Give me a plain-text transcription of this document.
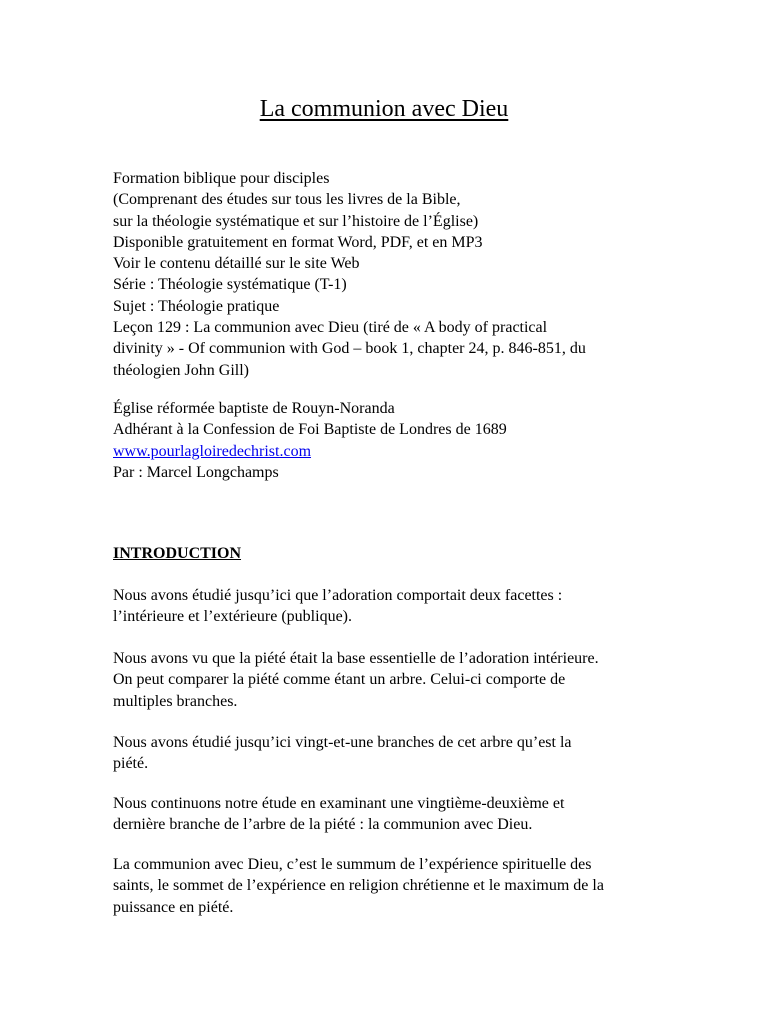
La communion avec Dieu
Formation biblique pour disciples
(Comprenant des études sur tous les livres de la Bible,
sur la théologie systématique et sur l’histoire de l’Église)
Disponible gratuitement en format Word, PDF, et en MP3
Voir le contenu détaillé sur le site Web
Série : Théologie systématique (T-1)
Sujet : Théologie pratique
Leçon 129 : La communion avec Dieu (tiré de « A body of practical
divinity » - Of communion with God – book 1, chapter 24, p. 846-851, du
théologien John Gill)
Église réformée baptiste de Rouyn-Noranda
Adhérant à la Confession de Foi Baptiste de Londres de 1689
www.pourlagloiredechrist.com
Par : Marcel Longchamps
INTRODUCTION
Nous avons étudié jusqu’ici que l’adoration comportait deux facettes :
l’intérieure et l’extérieure (publique).
Nous avons vu que la piété était la base essentielle de l’adoration intérieure.
On peut comparer la piété comme étant un arbre. Celui-ci comporte de
multiples branches.
Nous avons étudié jusqu’ici vingt-et-une branches de cet arbre qu’est la
piété.
Nous continuons notre étude en examinant une vingtième-deuxième et
dernière branche de l’arbre de la piété : la communion avec Dieu.
La communion avec Dieu, c’est le summum de l’expérience spirituelle des
saints, le sommet de l’expérience en religion chrétienne et le maximum de la
puissance en piété.
